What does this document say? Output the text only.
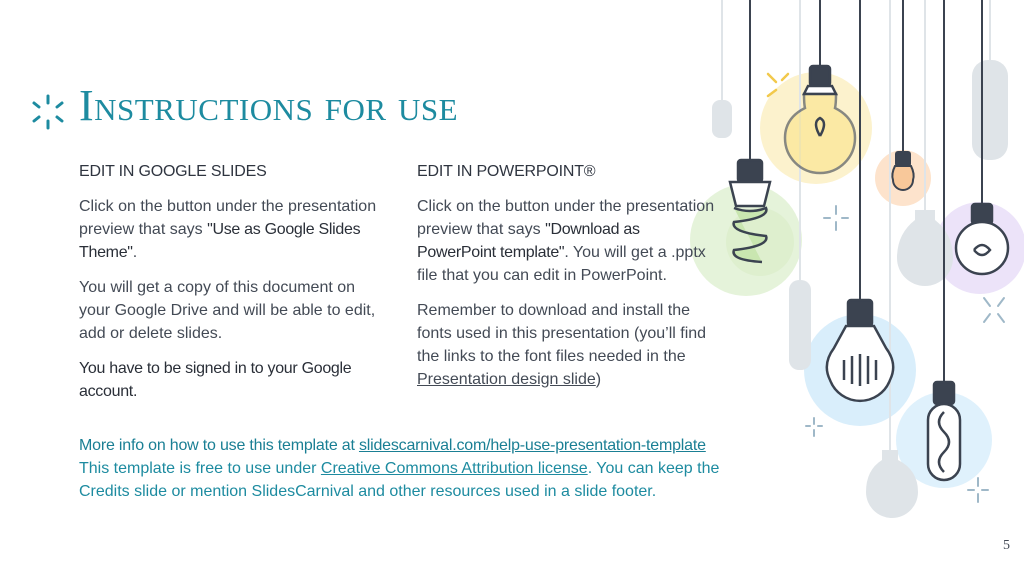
Instructions for use
EDIT IN GOOGLE SLIDES

Click on the button under the presentation preview that says "Use as Google Slides Theme".

You will get a copy of this document on your Google Drive and will be able to edit, add or delete slides.

You have to be signed in to your Google account.

EDIT IN POWERPOINT®

Click on the button under the presentation preview that says "Download as PowerPoint template". You will get a .pptx file that you can edit in PowerPoint.

Remember to download and install the fonts used in this presentation (you’ll find the links to the font files needed in the Presentation design slide)

More info on how to use this template at slidescarnival.com/help-use-presentation-template

This template is free to use under Creative Commons Attribution license. You can keep the Credits slide or mention SlidesCarnival and other resources used in a slide footer.

5
